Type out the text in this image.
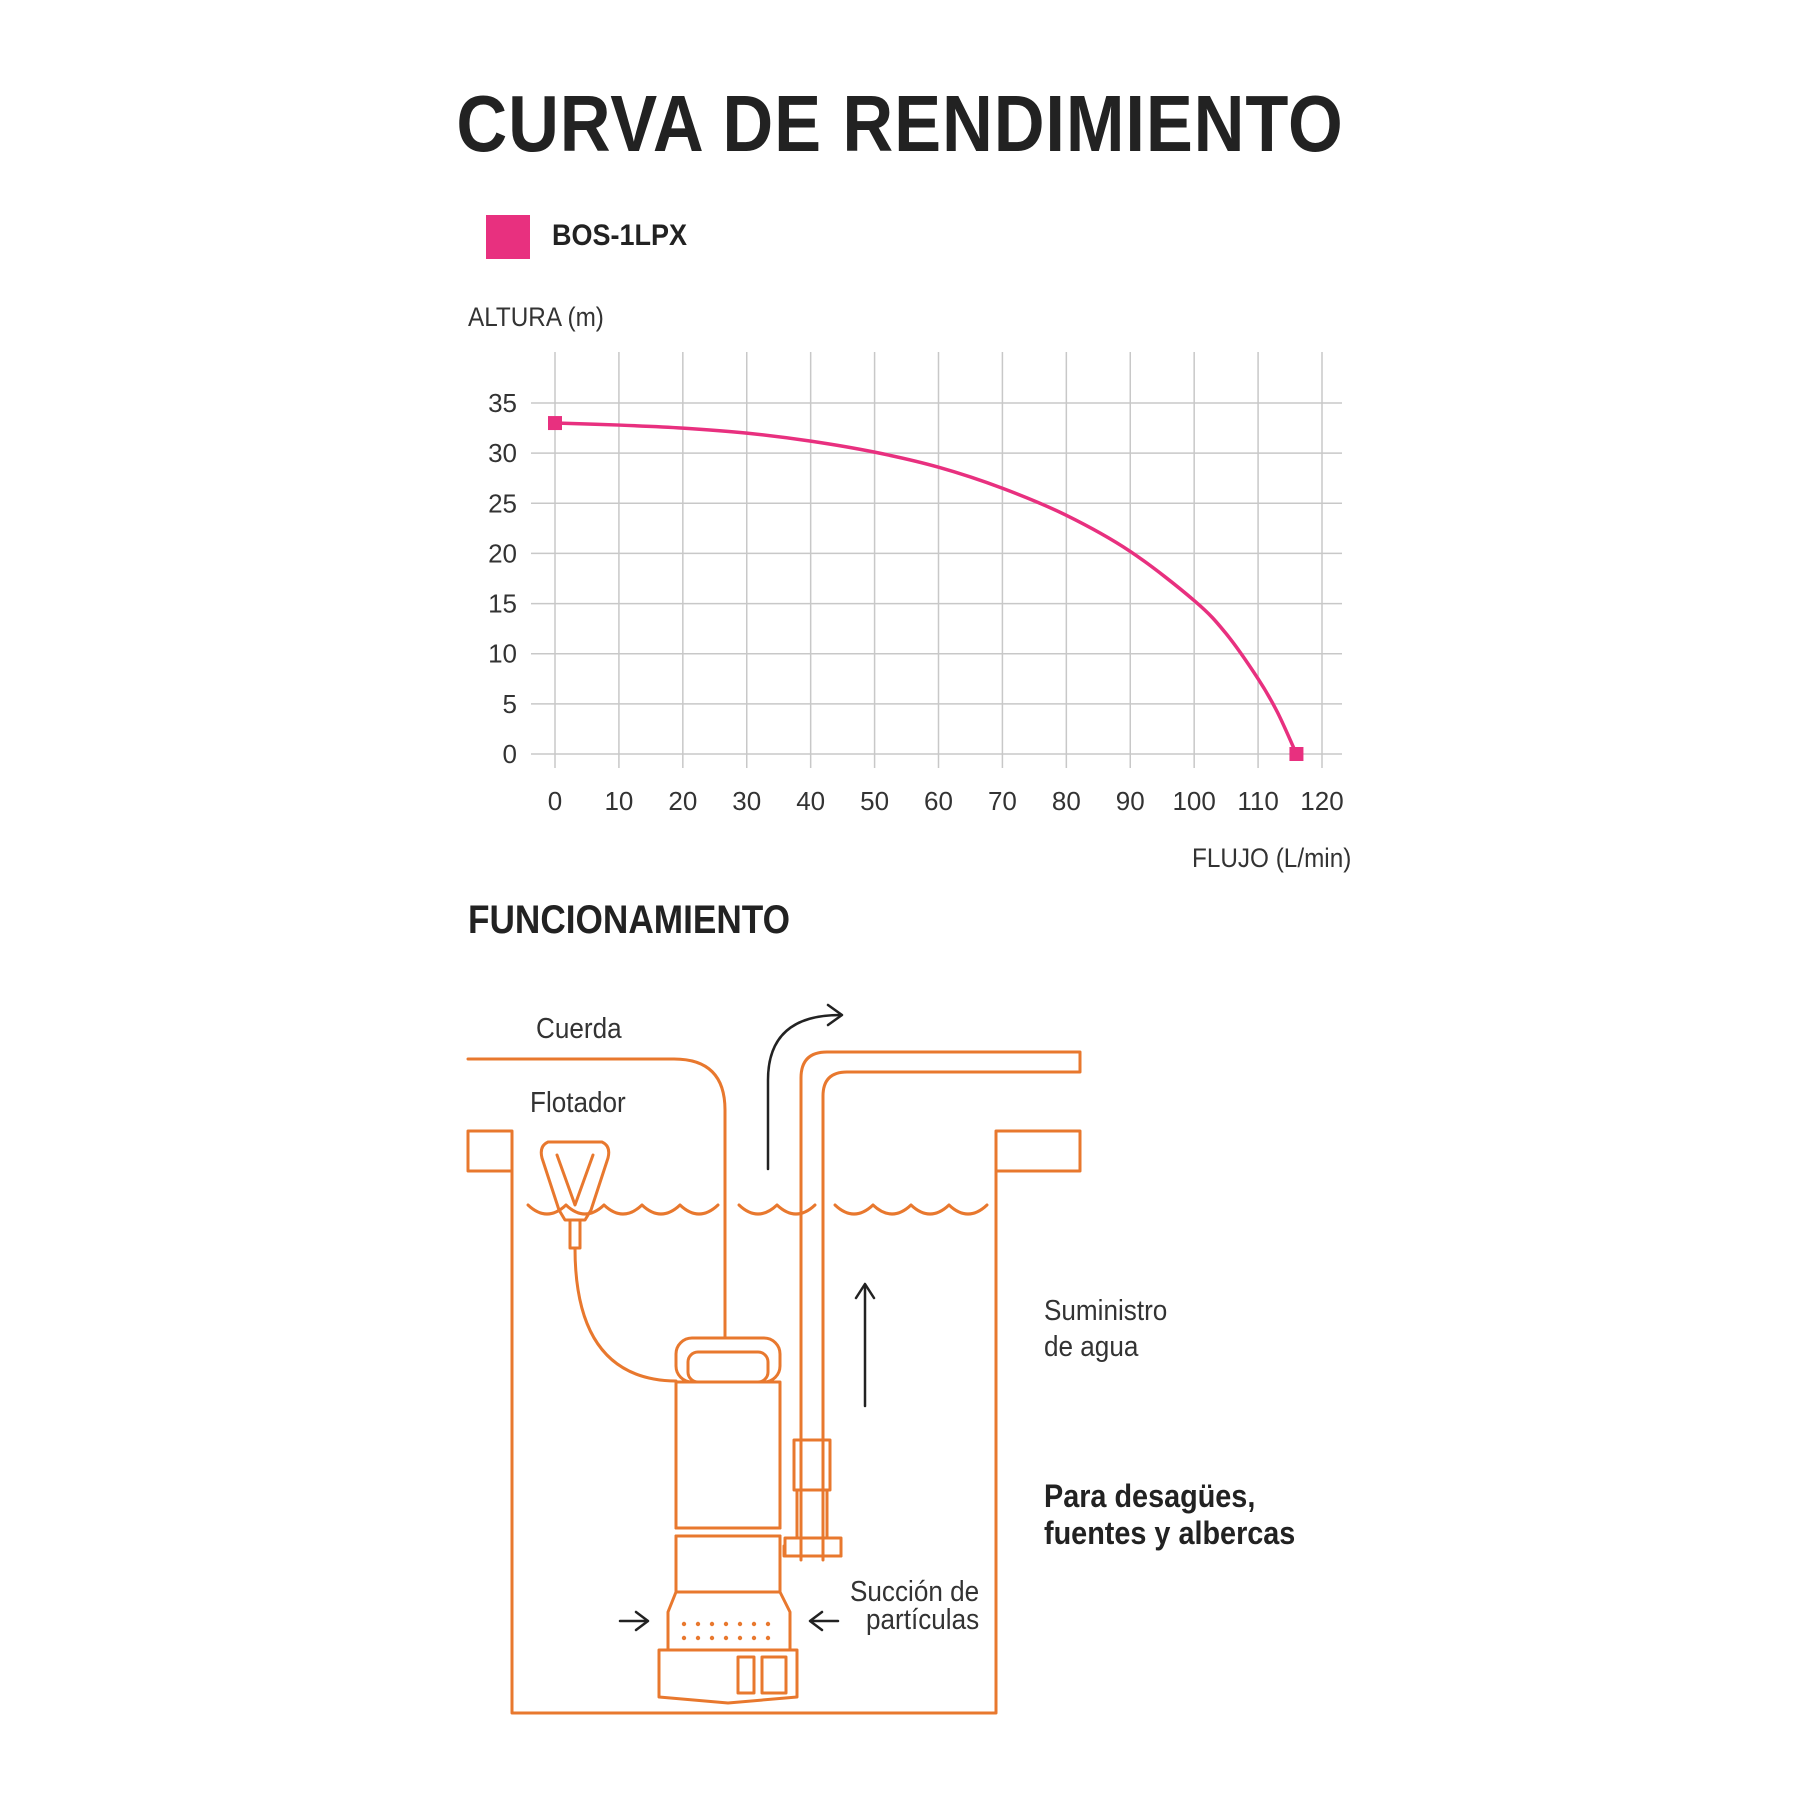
CURVA DE RENDIMIENTO
BOS-1LPX
ALTURA (m)
FLUJO (L/min)
0 10 20 30 40 50 60 70 80 90 100 110 120
35
30
25
20
15
10
5
0
FUNCIONAMIENTO
Cuerda
Flotador
Suministro
de agua
Succión de
partículas
Para desagües,
fuentes y albercas
